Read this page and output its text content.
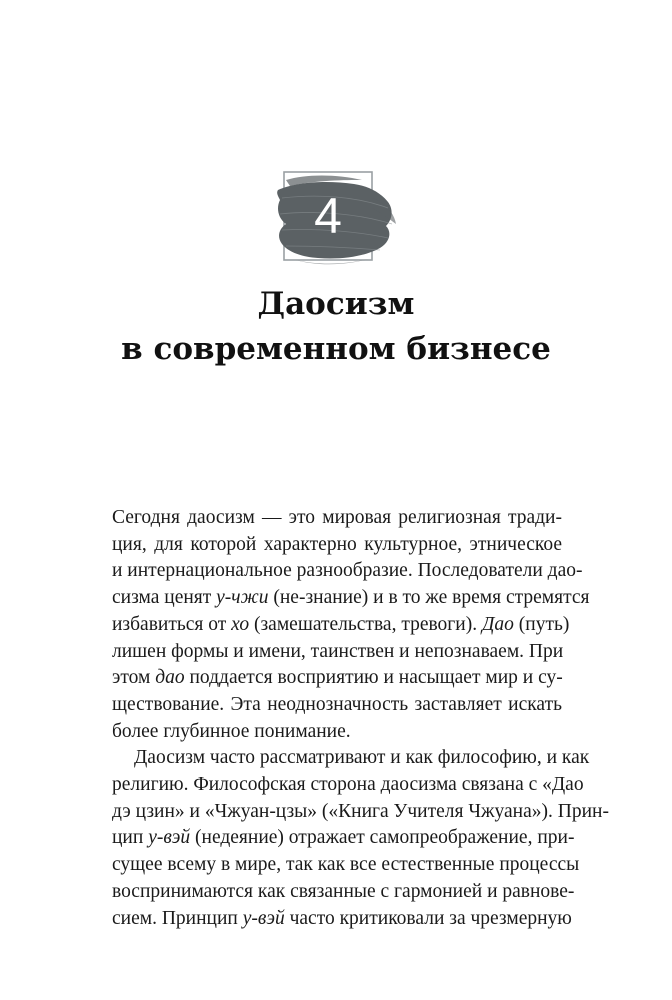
4
Даосизм
в современном бизнесе
Сегодня даосизм — это мировая религиозная тради-
ция, для которой характерно культурное, этническое
и интернациональное разнообразие. Последователи дао-
сизма ценят у-чжи (не-знание) и в то же время стремятся
избавиться от хо (замешательства, тревоги). Дао (путь)
лишен формы и имени, таинствен и непознаваем. При
этом дао поддается восприятию и насыщает мир и су-
ществование. Эта неоднозначность заставляет искать
более глубинное понимание.
Даосизм часто рассматривают и как философию, и как
религию. Философская сторона даосизма связана с «Дао
дэ цзин» и «Чжуан-цзы» («Книга Учителя Чжуана»). Прин-
цип у-вэй (недеяние) отражает самопреображение, при-
сущее всему в мире, так как все естественные процессы
воспринимаются как связанные с гармонией и равнове-
сием. Принцип у-вэй часто критиковали за чрезмерную
